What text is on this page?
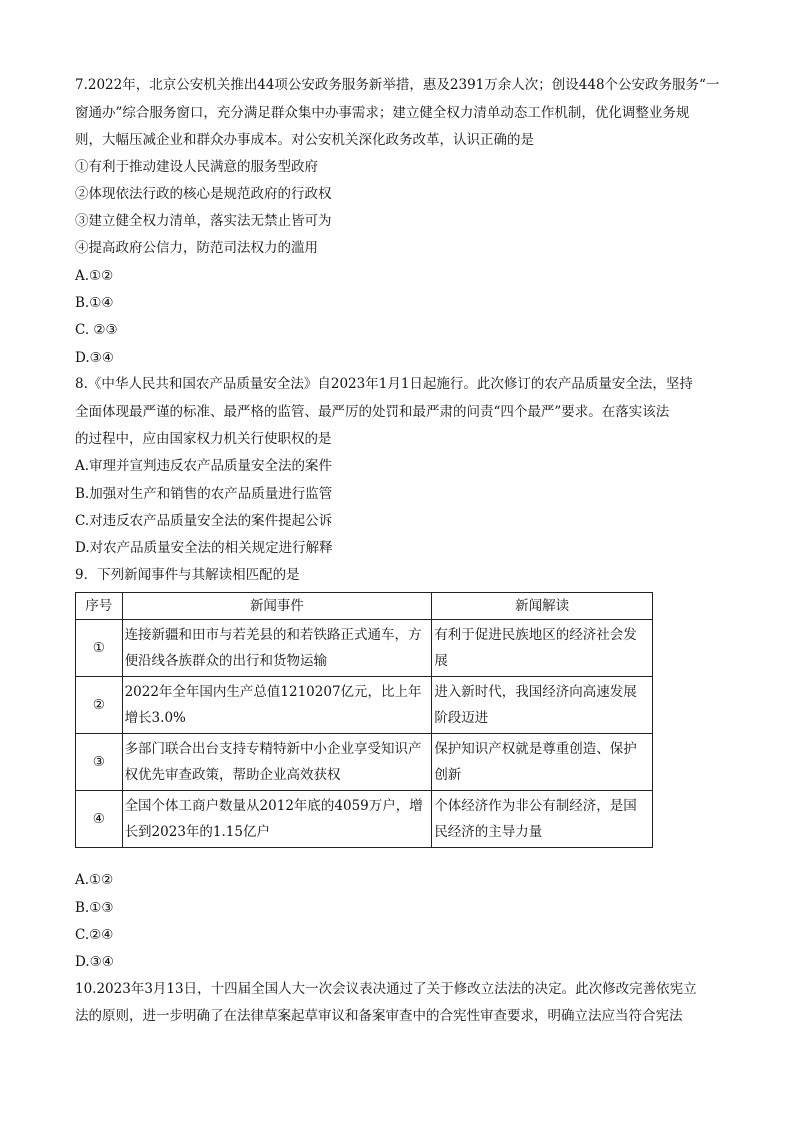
7.2022年，北京公安机关推出44项公安政务服务新举措，惠及2391万余人次；创设448个公安政务服务“一
窗通办”综合服务窗口，充分满足群众集中办事需求；建立健全权力清单动态工作机制，优化调整业务规
则，大幅压减企业和群众办事成本。对公安机关深化政务改革，认识正确的是
①有利于推动建设人民满意的服务型政府
②体现依法行政的核心是规范政府的行政权
③建立健全权力清单，落实法无禁止皆可为
④提高政府公信力，防范司法权力的滥用
A.①②
B.①④
C. ②③
D.③④
8.《中华人民共和国农产品质量安全法》自2023年1月1日起施行。此次修订的农产品质量安全法，坚持
全面体现最严谨的标准、最严格的监管、最严厉的处罚和最严肃的问责“四个最严”要求。在落实该法
的过程中，应由国家权力机关行使职权的是
A.审理并宣判违反农产品质量安全法的案件
B.加强对生产和销售的农产品质量进行监管
C.对违反农产品质量安全法的案件提起公诉
D.对农产品质量安全法的相关规定进行解释
9．下列新闻事件与其解读相匹配的是
序号	新闻事件	新闻解读
①	连接新疆和田市与若羌县的和若铁路正式通车，方便沿线各族群众的出行和货物运输	有利于促进民族地区的经济社会发展
②	2022年全年国内生产总值1210207亿元，比上年增长3.0%	进入新时代，我国经济向高速发展阶段迈进
③	多部门联合出台支持专精特新中小企业享受知识产权优先审查政策，帮助企业高效获权	保护知识产权就是尊重创造、保护创新
④	全国个体工商户数量从2012年底的4059万户，增长到2023年的1.15亿户	个体经济作为非公有制经济，是国民经济的主导力量
A.①②
B.①③
C.②④
D.③④
10.2023年3月13日，十四届全国人大一次会议表决通过了关于修改立法法的决定。此次修改完善依宪立
法的原则，进一步明确了在法律草案起草审议和备案审查中的合宪性审查要求，明确立法应当符合宪法
